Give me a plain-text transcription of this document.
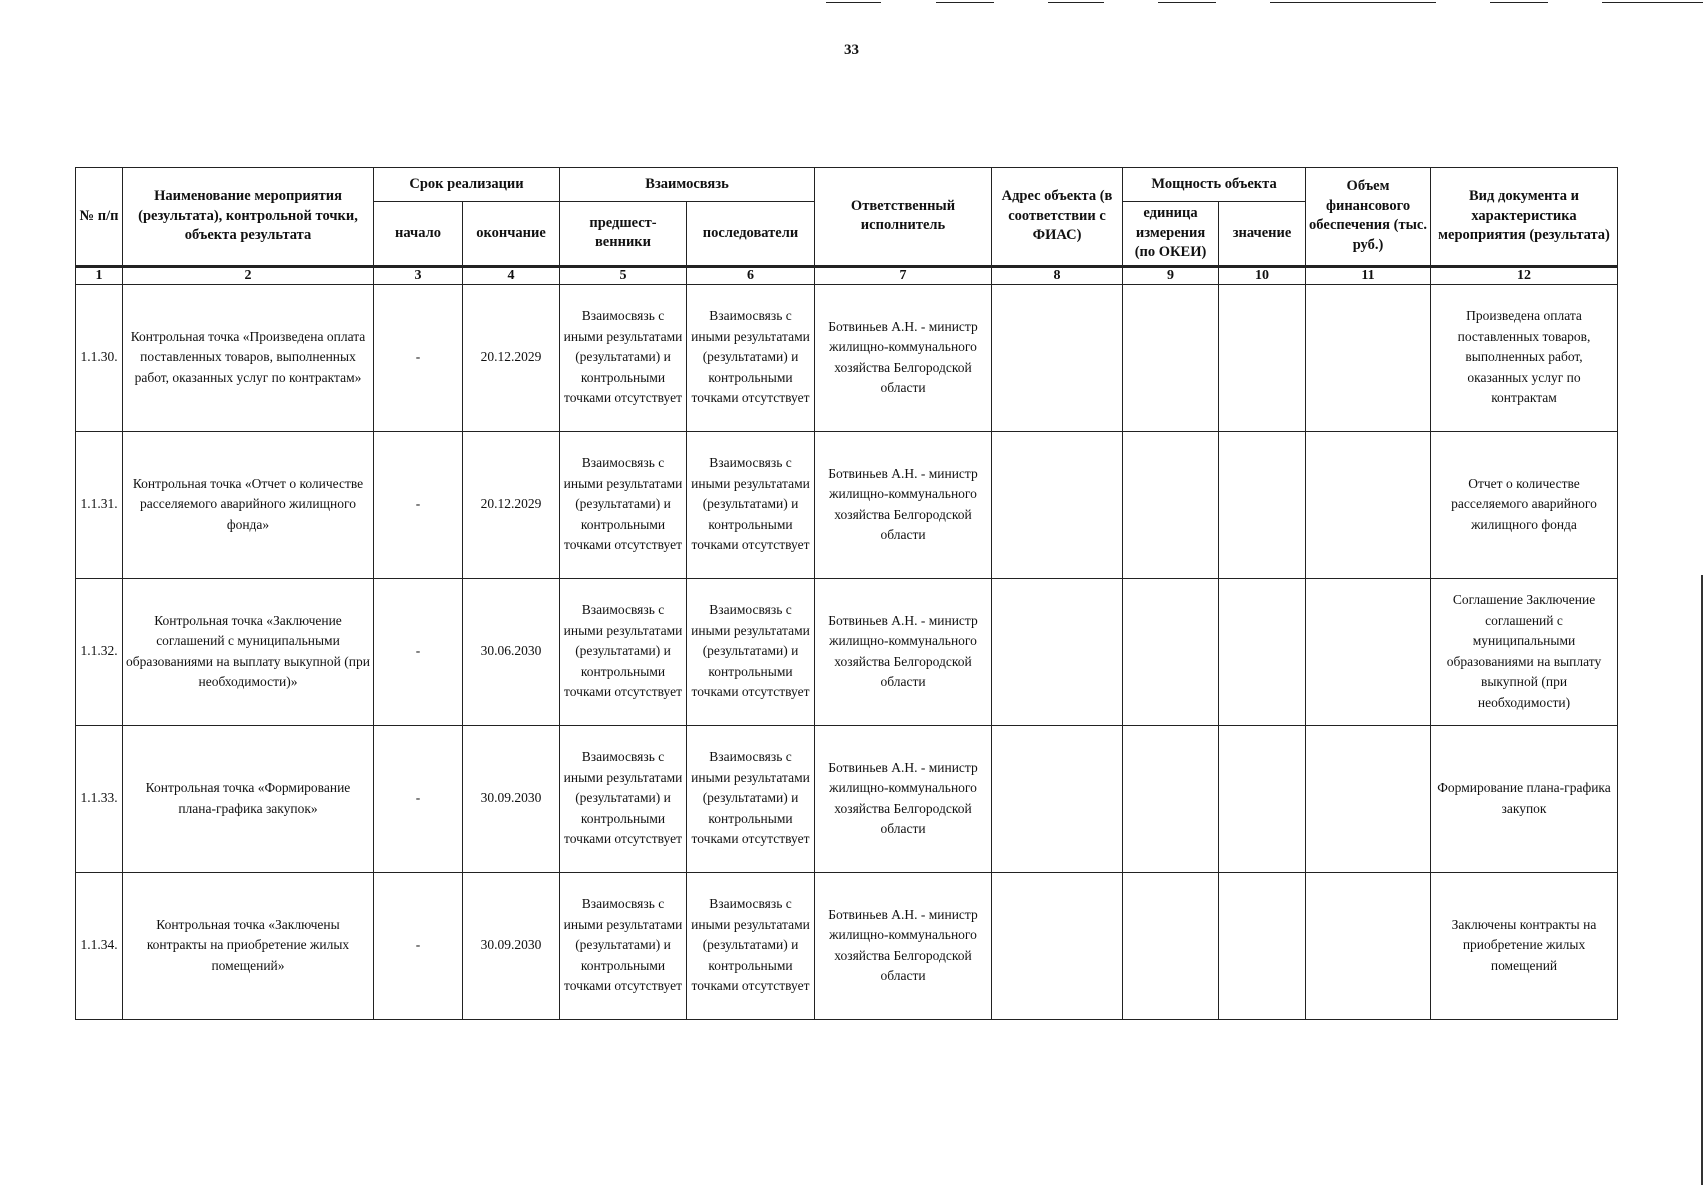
33
№ п/п	Наименование мероприятия (результата), контрольной точки, объекта результата	Срок реализации		Взаимосвязь		Ответственный исполнитель	Адрес объекта (в соответствии с ФИАС)	Мощность объекта		Объем финансового обеспечения (тыс. руб.)	Вид документа и характеристика мероприятия (результата)
		начало	окончание	предшест-венники	последователи			единица измерения (по ОКЕИ)	значение		
1	2	3	4	5	6	7	8	9	10	11	12
1.1.30.	Контрольная точка «Произведена оплата поставленных товаров, выполненных работ, оказанных услуг по контрактам»	-	20.12.2029	Взаимосвязь с иными результатами (результатами) и контрольными точками отсутствует	Взаимосвязь с иными результатами (результатами) и контрольными точками отсутствует	Ботвиньев А.Н. - министр жилищно-коммунального хозяйства Белгородской области					Произведена оплата поставленных товаров, выполненных работ, оказанных услуг по контрактам
1.1.31.	Контрольная точка «Отчет о количестве расселяемого аварийного жилищного фонда»	-	20.12.2029	Взаимосвязь с иными результатами (результатами) и контрольными точками отсутствует	Взаимосвязь с иными результатами (результатами) и контрольными точками отсутствует	Ботвиньев А.Н. - министр жилищно-коммунального хозяйства Белгородской области					Отчет о количестве расселяемого аварийного жилищного фонда
1.1.32.	Контрольная точка «Заключение соглашений с муниципальными образованиями на выплату выкупной (при необходимости)»	-	30.06.2030	Взаимосвязь с иными результатами (результатами) и контрольными точками отсутствует	Взаимосвязь с иными результатами (результатами) и контрольными точками отсутствует	Ботвиньев А.Н. - министр жилищно-коммунального хозяйства Белгородской области					Соглашение Заключение соглашений с муниципальными образованиями на выплату выкупной (при необходимости)
1.1.33.	Контрольная точка «Формирование плана-графика закупок»	-	30.09.2030	Взаимосвязь с иными результатами (результатами) и контрольными точками отсутствует	Взаимосвязь с иными результатами (результатами) и контрольными точками отсутствует	Ботвиньев А.Н. - министр жилищно-коммунального хозяйства Белгородской области					Формирование плана-графика закупок
1.1.34.	Контрольная точка «Заключены контракты на приобретение жилых помещений»	-	30.09.2030	Взаимосвязь с иными результатами (результатами) и контрольными точками отсутствует	Взаимосвязь с иными результатами (результатами) и контрольными точками отсутствует	Ботвиньев А.Н. - министр жилищно-коммунального хозяйства Белгородской области					Заключены контракты на приобретение жилых помещений
